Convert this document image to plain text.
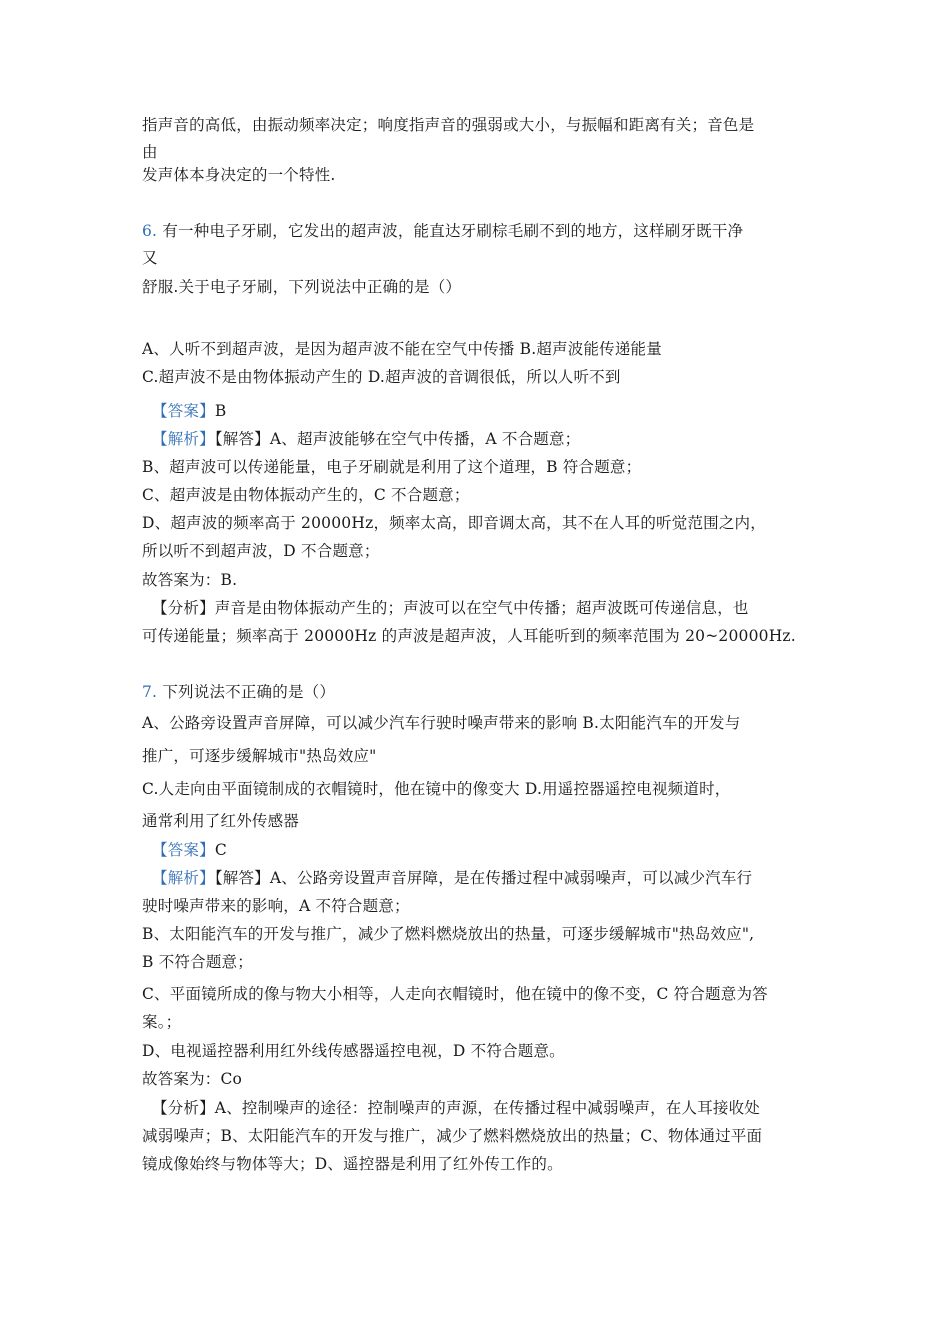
指声音的高低，由振动频率决定；响度指声音的强弱或大小，与振幅和距离有关；音色是

由

发声体本身决定的一个特性.

6. 有一种电子牙刷，它发出的超声波，能直达牙刷棕毛刷不到的地方，这样刷牙既干净

又

舒服.关于电子牙刷，下列说法中正确的是（）

A、人听不到超声波，是因为超声波不能在空气中传播 B.超声波能传递能量

C.超声波不是由物体振动产生的 D.超声波的音调很低，所以人听不到

【答案】B

【解析】【解答】A、超声波能够在空气中传播，A 不合题意；

B、超声波可以传递能量，电子牙刷就是利用了这个道理，B 符合题意；

C、超声波是由物体振动产生的，C 不合题意；

D、超声波的频率高于 20000Hz，频率太高，即音调太高，其不在人耳的听觉范围之内，

所以听不到超声波，D 不合题意；

故答案为：B.

【分析】声音是由物体振动产生的；声波可以在空气中传播；超声波既可传递信息，也

可传递能量；频率高于 20000Hz 的声波是超声波，人耳能听到的频率范围为 20~20000Hz.

7. 下列说法不正确的是（）

A、公路旁设置声音屏障，可以减少汽车行驶时噪声带来的影响 B.太阳能汽车的开发与

推广，可逐步缓解城市"热岛效应"

C.人走向由平面镜制成的衣帽镜时，他在镜中的像变大 D.用遥控器遥控电视频道时，

通常利用了红外传感器

【答案】C

【解析】【解答】A、公路旁设置声音屏障，是在传播过程中减弱噪声，可以减少汽车行

驶时噪声带来的影响，A 不符合题意；

B、太阳能汽车的开发与推广，减少了燃料燃烧放出的热量，可逐步缓解城市"热岛效应",

B 不符合题意；

C、平面镜所成的像与物大小相等，人走向衣帽镜时，他在镜中的像不变，C 符合题意为答

案。；

D、电视遥控器利用红外线传感器遥控电视，D 不符合题意。

故答案为：Co

【分析】A、控制噪声的途径：控制噪声的声源，在传播过程中减弱噪声，在人耳接收处

减弱噪声；B、太阳能汽车的开发与推广，减少了燃料燃烧放出的热量；C、物体通过平面

镜成像始终与物体等大；D、遥控器是利用了红外传工作的。
